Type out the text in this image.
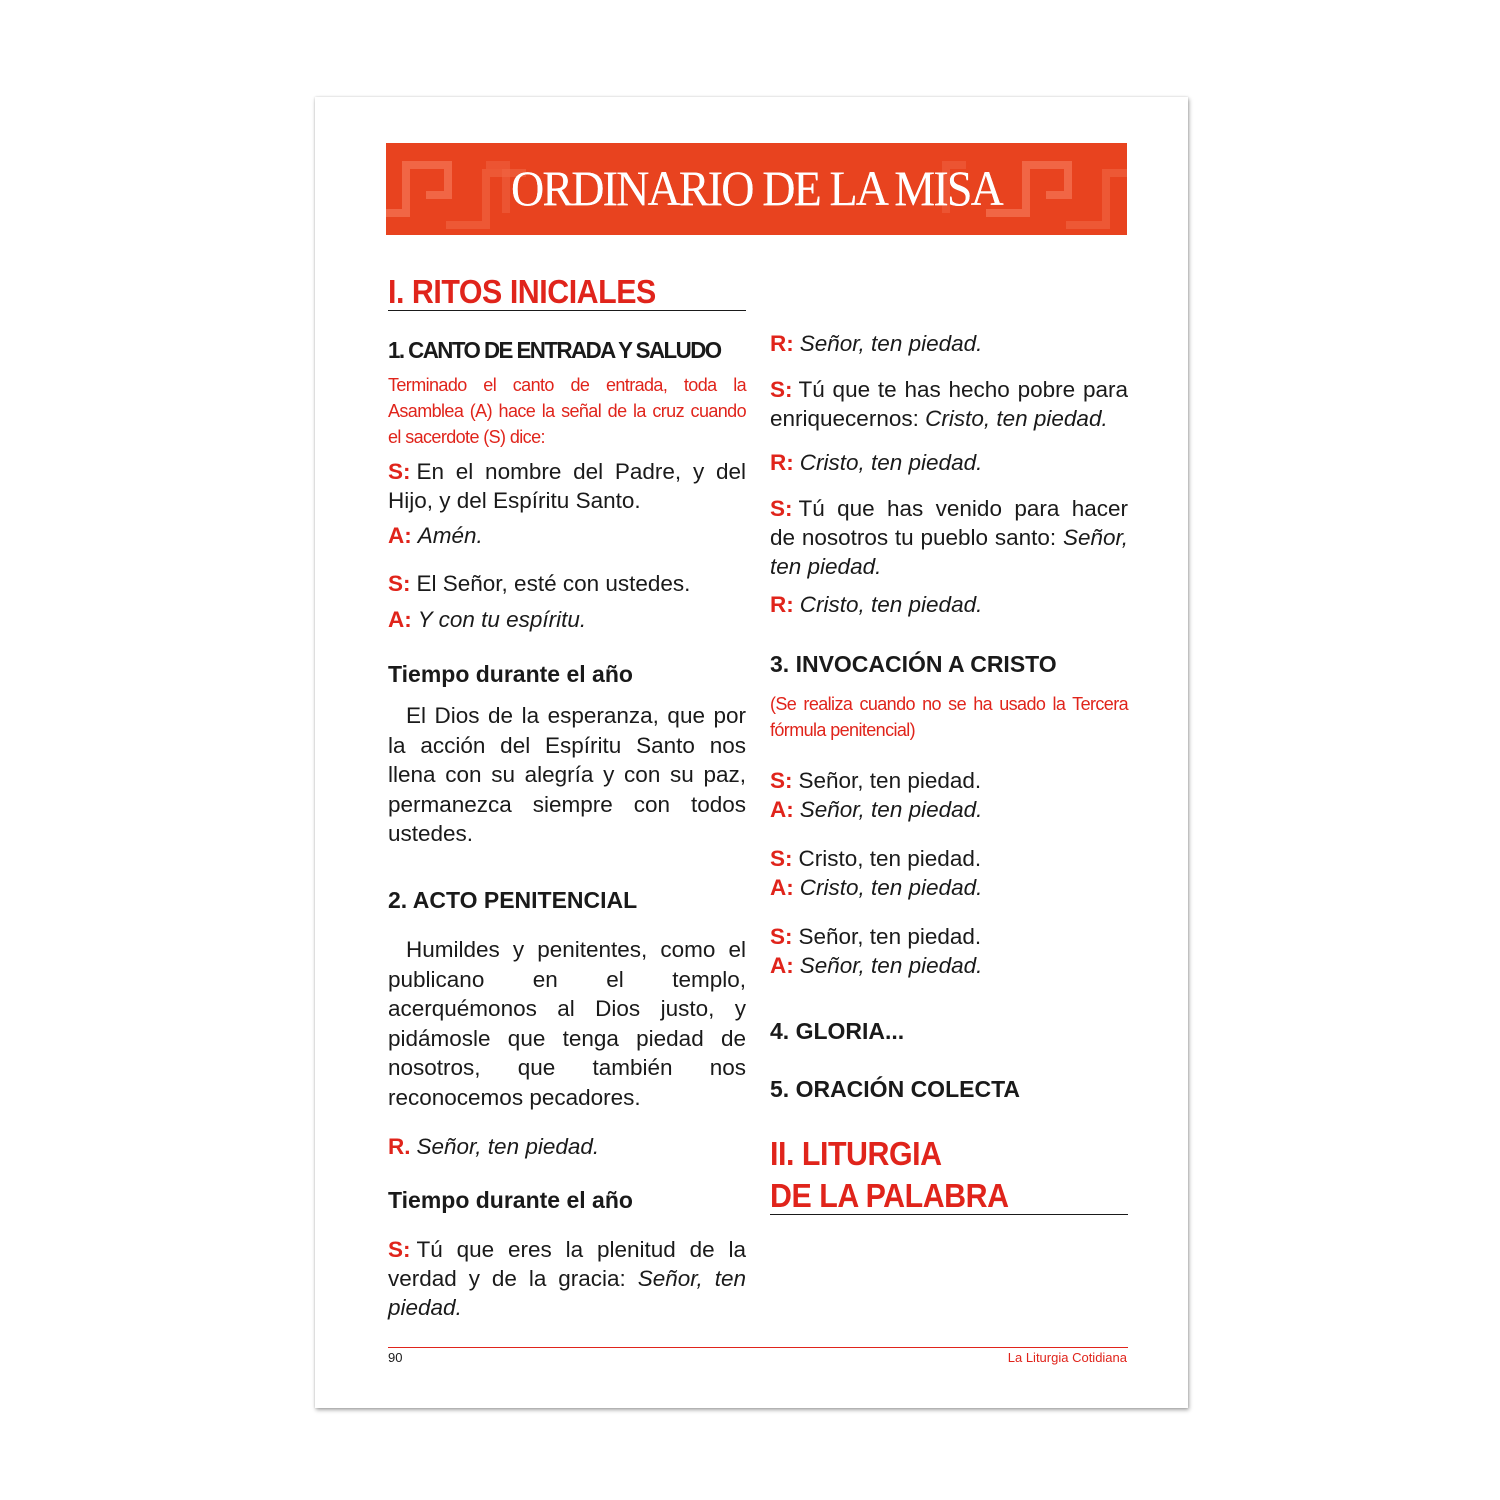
ORDINARIO DE LA MISA
I. RITOS INICIALES
1. CANTO DE ENTRADA Y SALUDO
Terminado el canto de entrada, toda la Asamblea (A) hace la señal de la cruz cuando el sacerdote (S) dice:
S: En el nombre del Padre, y del Hijo, y del Espíritu Santo.
A: Amén.
S: El Señor, esté con ustedes.
A: Y con tu espíritu.
Tiempo durante el año
El Dios de la esperanza, que por la acción del Espíritu Santo nos llena con su alegría y con su paz, permanezca siempre con todos ustedes.
2. ACTO PENITENCIAL
Humildes y penitentes, como el publicano en el templo, acerquémonos al Dios justo, y pidámosle que tenga piedad de nosotros, que también nos reconocemos pecadores.
R. Señor, ten piedad.
Tiempo durante el año
S: Tú que eres la plenitud de la verdad y de la gracia: Señor, ten piedad.
R: Señor, ten piedad.
S: Tú que te has hecho pobre para enriquecernos: Cristo, ten piedad.
R: Cristo, ten piedad.
S: Tú que has venido para hacer de nosotros tu pueblo santo: Señor, ten piedad.
R: Cristo, ten piedad.
3. INVOCACIÓN A CRISTO
(Se realiza cuando no se ha usado la Tercera fórmula penitencial)
S: Señor, ten piedad.
A: Señor, ten piedad.
S: Cristo, ten piedad.
A: Cristo, ten piedad.
S: Señor, ten piedad.
A: Señor, ten piedad.
4. GLORIA...
5. ORACIÓN COLECTA
II. LITURGIA
DE LA PALABRA
90	La Liturgia Cotidiana
